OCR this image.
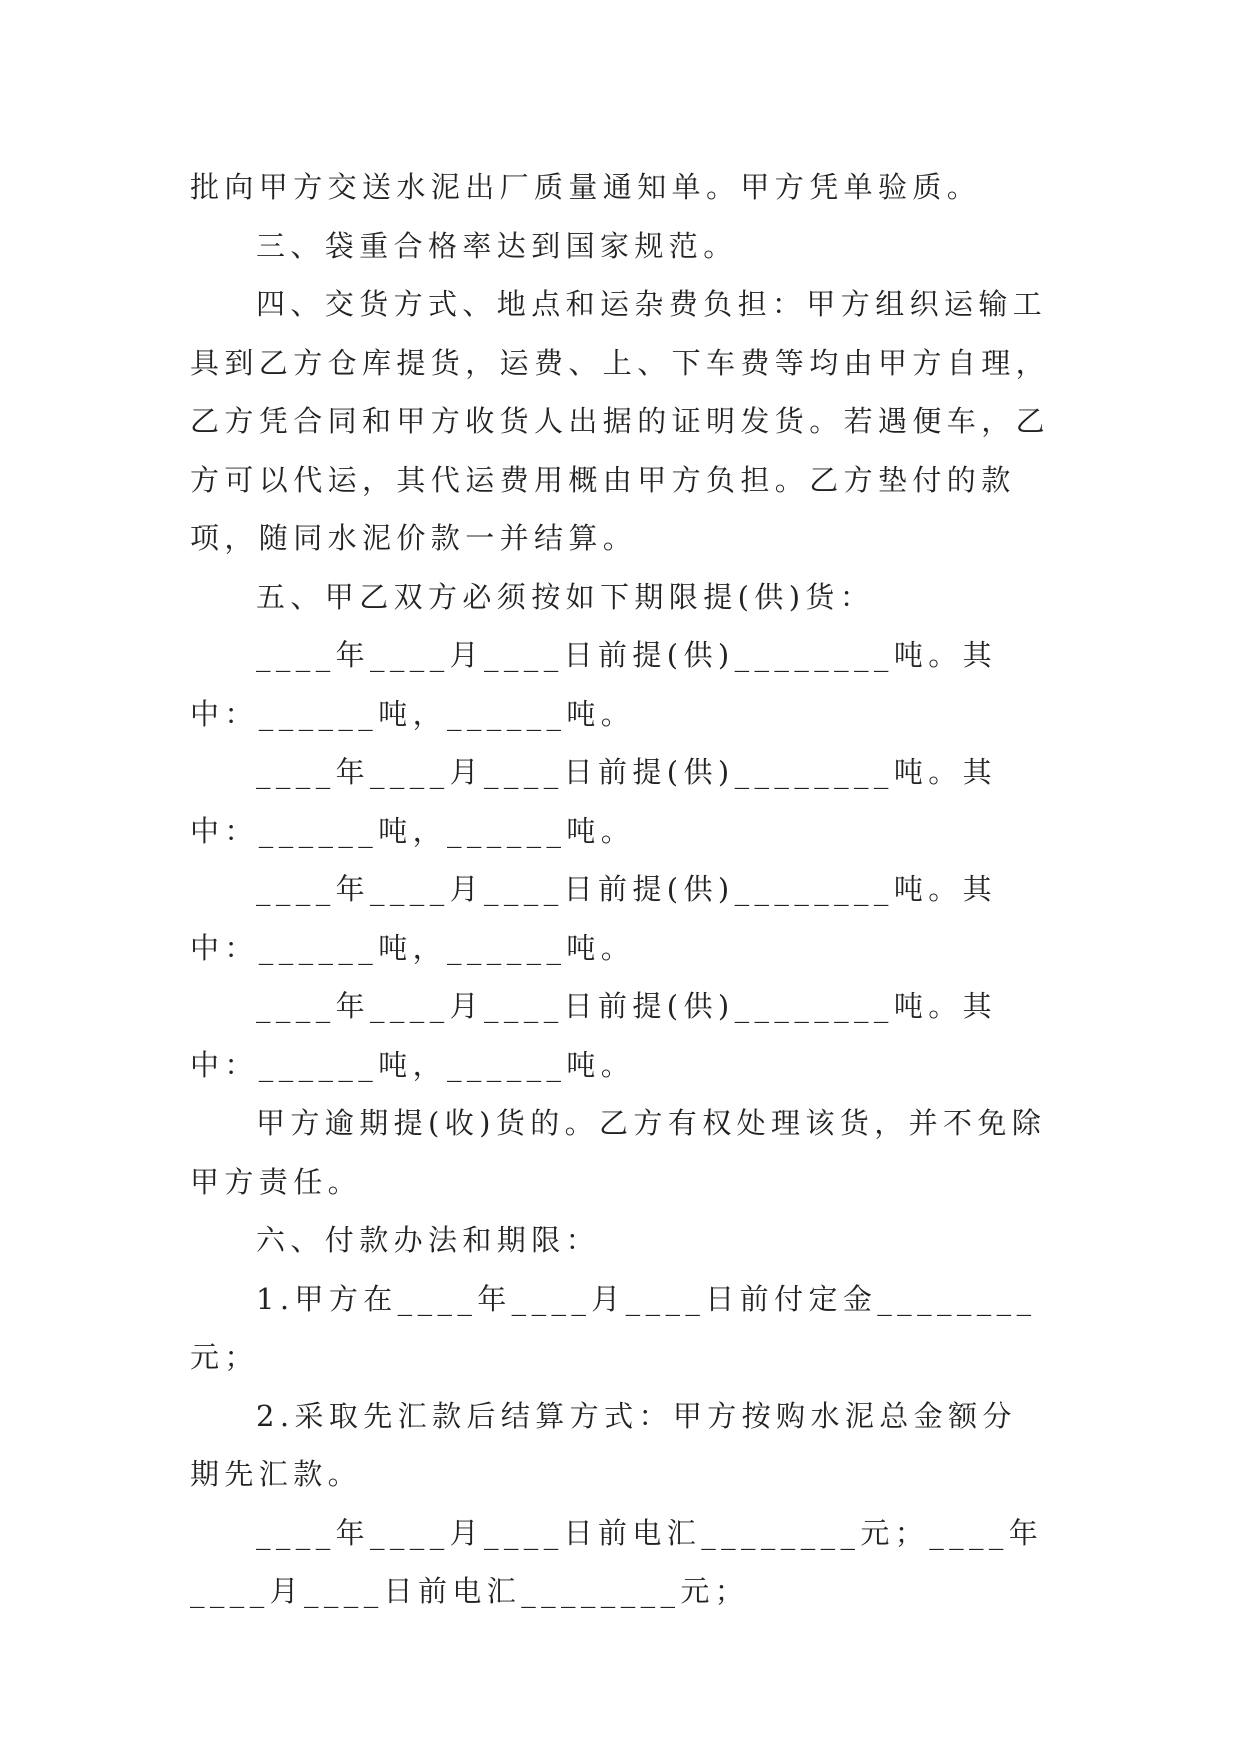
批向甲方交送水泥出厂质量通知单。甲方凭单验质。

三、袋重合格率达到国家规范。

四、交货方式、地点和运杂费负担：甲方组织运输工具到乙方仓库提货，运费、上、下车费等均由甲方自理，乙方凭合同和甲方收货人出据的证明发货。若遇便车，乙方可以代运，其代运费用概由甲方负担。乙方垫付的款项，随同水泥价款一并结算。

五、甲乙双方必须按如下期限提(供)货：

____年____月____日前提(供)________吨。其中：______吨，______吨。

____年____月____日前提(供)________吨。其中：______吨，______吨。

____年____月____日前提(供)________吨。其中：______吨，______吨。

____年____月____日前提(供)________吨。其中：______吨，______吨。

甲方逾期提(收)货的。乙方有权处理该货，并不免除甲方责任。

六、付款办法和期限：

1.甲方在____年____月____日前付定金________元；

2.采取先汇款后结算方式：甲方按购水泥总金额分期先汇款。

____年____月____日前电汇________元；____年____月____日前电汇________元；
